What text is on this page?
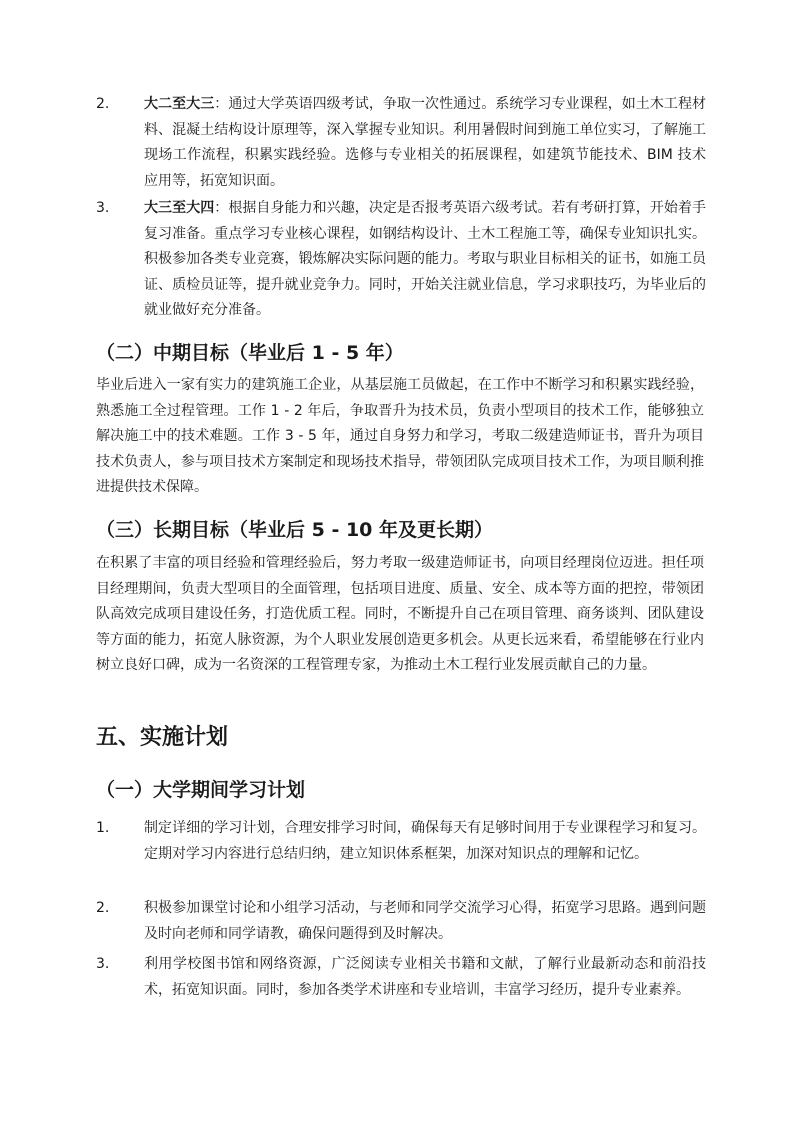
2.	大二至大三：通过大学英语四级考试，争取一次性通过。系统学习专业课程，如土木工程材料、混凝土结构设计原理等，深入掌握专业知识。利用暑假时间到施工单位实习，了解施工现场工作流程，积累实践经验。选修与专业相关的拓展课程，如建筑节能技术、BIM 技术应用等，拓宽知识面。
3.	大三至大四：根据自身能力和兴趣，决定是否报考英语六级考试。若有考研打算，开始着手复习准备。重点学习专业核心课程，如钢结构设计、土木工程施工等，确保专业知识扎实。积极参加各类专业竞赛，锻炼解决实际问题的能力。考取与职业目标相关的证书，如施工员证、质检员证等，提升就业竞争力。同时，开始关注就业信息，学习求职技巧，为毕业后的就业做好充分准备。
（二）中期目标（毕业后 1 - 5 年）
毕业后进入一家有实力的建筑施工企业，从基层施工员做起，在工作中不断学习和积累实践经验，熟悉施工全过程管理。工作 1 - 2 年后，争取晋升为技术员，负责小型项目的技术工作，能够独立解决施工中的技术难题。工作 3 - 5 年，通过自身努力和学习，考取二级建造师证书，晋升为项目技术负责人，参与项目技术方案制定和现场技术指导，带领团队完成项目技术工作，为项目顺利推进提供技术保障。
（三）长期目标（毕业后 5 - 10 年及更长期）
在积累了丰富的项目经验和管理经验后，努力考取一级建造师证书，向项目经理岗位迈进。担任项目经理期间，负责大型项目的全面管理，包括项目进度、质量、安全、成本等方面的把控，带领团队高效完成项目建设任务，打造优质工程。同时，不断提升自己在项目管理、商务谈判、团队建设等方面的能力，拓宽人脉资源，为个人职业发展创造更多机会。从更长远来看，希望能够在行业内树立良好口碑，成为一名资深的工程管理专家，为推动土木工程行业发展贡献自己的力量。
五、实施计划
（一）大学期间学习计划
1.	制定详细的学习计划，合理安排学习时间，确保每天有足够时间用于专业课程学习和复习。定期对学习内容进行总结归纳，建立知识体系框架，加深对知识点的理解和记忆。
2.	积极参加课堂讨论和小组学习活动，与老师和同学交流学习心得，拓宽学习思路。遇到问题及时向老师和同学请教，确保问题得到及时解决。
3.	利用学校图书馆和网络资源，广泛阅读专业相关书籍和文献，了解行业最新动态和前沿技术，拓宽知识面。同时，参加各类学术讲座和专业培训，丰富学习经历，提升专业素养。
